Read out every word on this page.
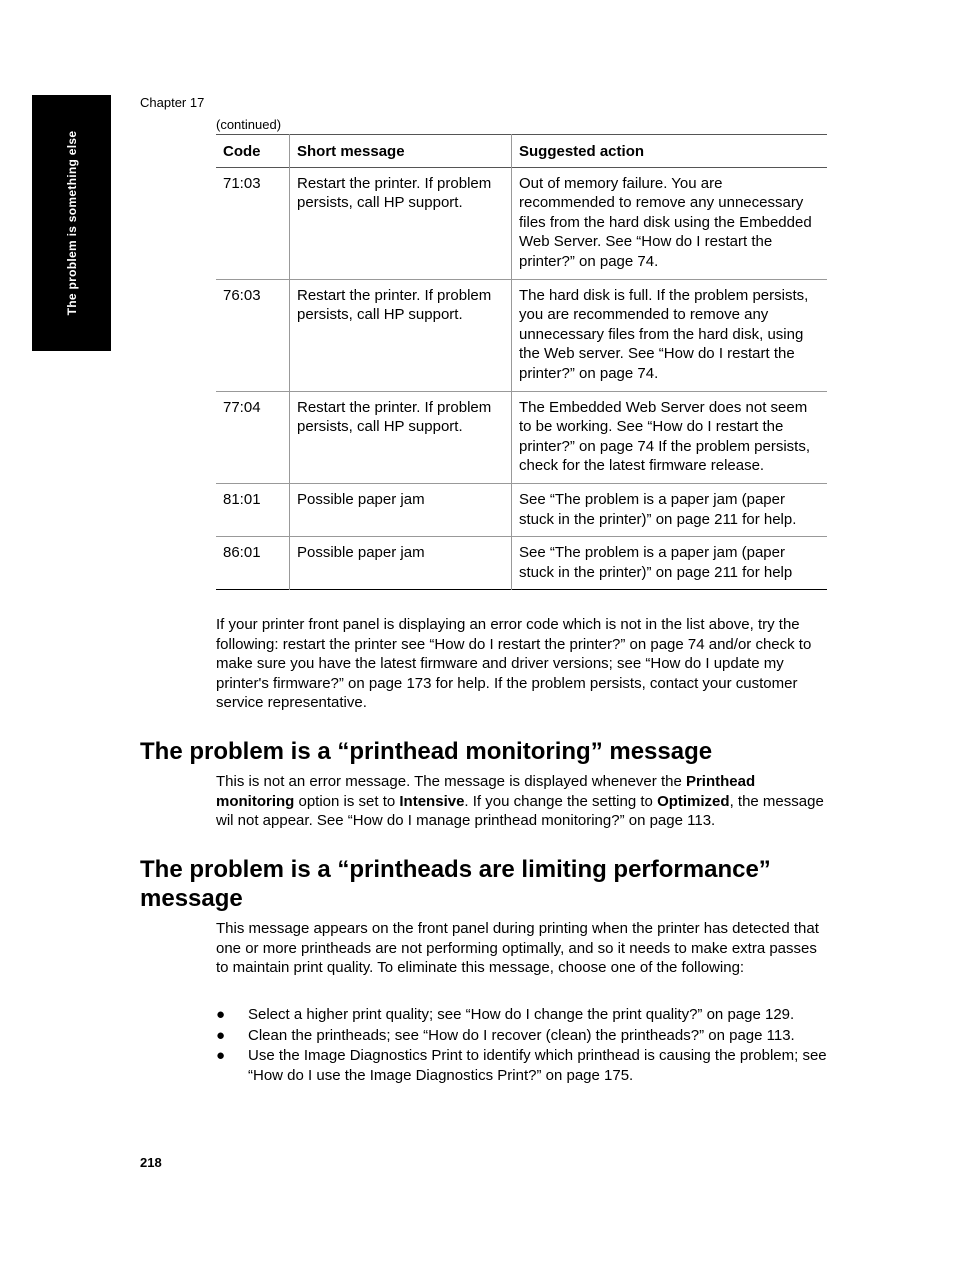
The problem is something else
Chapter 17
(continued)
Code	Short message	Suggested action
71:03	Restart the printer. If problem persists, call HP support.	Out of memory failure. You are recommended to remove any unnecessary files from the hard disk using the Embedded Web Server. See “How do I restart the printer?” on page 74.
76:03	Restart the printer. If problem persists, call HP support.	The hard disk is full. If the problem persists, you are recommended to remove any unnecessary files from the hard disk, using the Web server. See “How do I restart the printer?” on page 74.
77:04	Restart the printer. If problem persists, call HP support.	The Embedded Web Server does not seem to be working. See “How do I restart the printer?” on page 74 If the problem persists, check for the latest firmware release.
81:01	Possible paper jam	See “The problem is a paper jam (paper stuck in the printer)” on page 211 for help.
86:01	Possible paper jam	See “The problem is a paper jam (paper stuck in the printer)” on page 211 for help

If your printer front panel is displaying an error code which is not in the list above, try the following: restart the printer see “How do I restart the printer?” on page 74 and/or check to make sure you have the latest firmware and driver versions; see “How do I update my printer's firmware?” on page 173 for help. If the problem persists, contact your customer service representative.

The problem is a “printhead monitoring” message

This is not an error message. The message is displayed whenever the Printhead monitoring option is set to Intensive. If you change the setting to Optimized, the message wil not appear. See “How do I manage printhead monitoring?” on page 113.

The problem is a “printheads are limiting performance” message

This message appears on the front panel during printing when the printer has detected that one or more printheads are not performing optimally, and so it needs to make extra passes to maintain print quality. To eliminate this message, choose one of the following:

● Select a higher print quality; see “How do I change the print quality?” on page 129.
● Clean the printheads; see “How do I recover (clean) the printheads?” on page 113.
● Use the Image Diagnostics Print to identify which printhead is causing the problem; see “How do I use the Image Diagnostics Print?” on page 175.
218
